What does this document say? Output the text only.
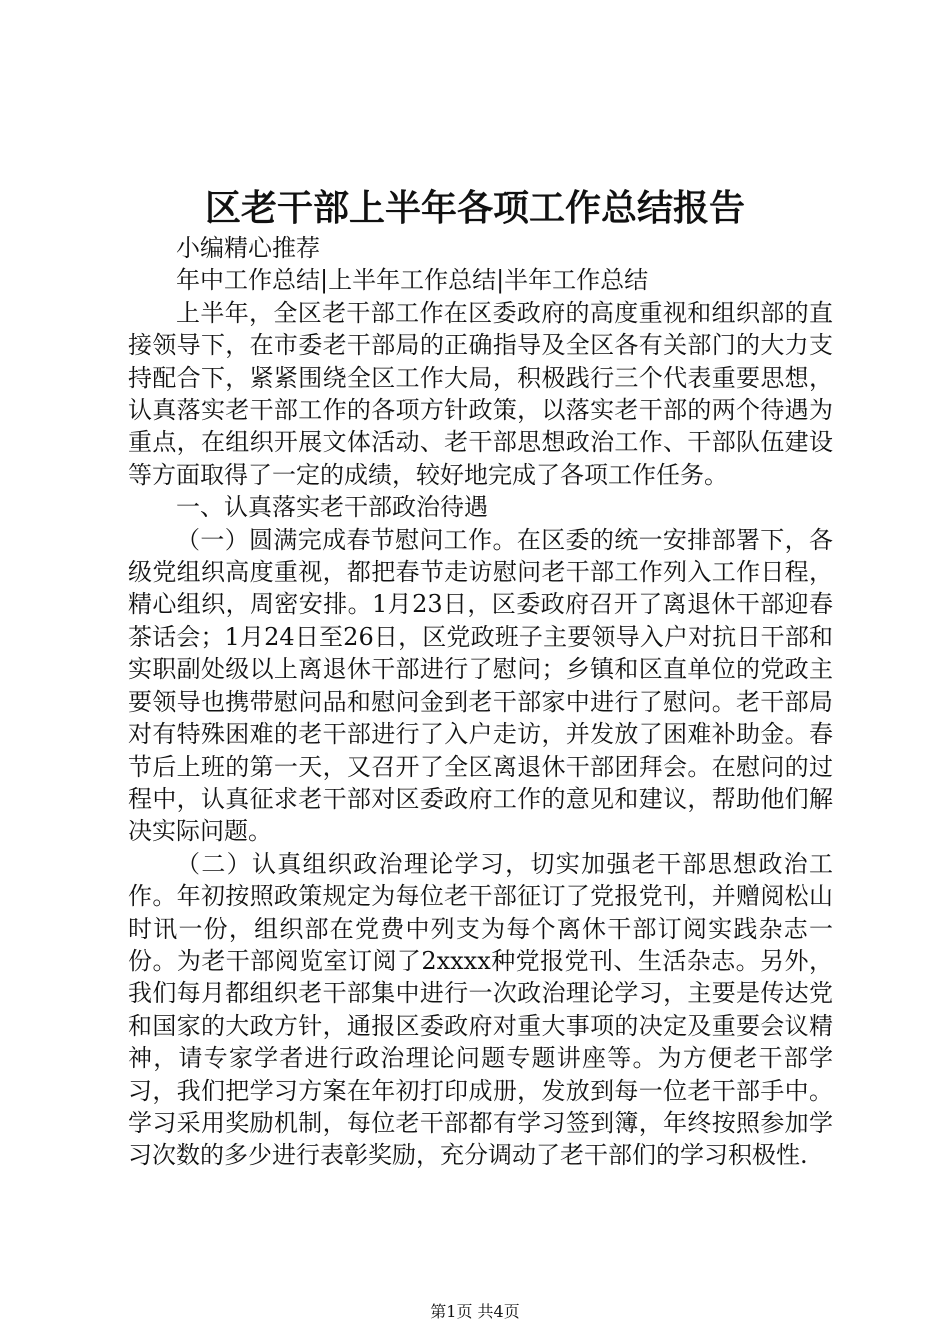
区老干部上半年各项工作总结报告

小编精心推荐

年中工作总结|上半年工作总结|半年工作总结

上半年，全区老干部工作在区委政府的高度重视和组织部的直接领导下，在市委老干部局的正确指导及全区各有关部门的大力支持配合下，紧紧围绕全区工作大局，积极践行三个代表重要思想，认真落实老干部工作的各项方针政策，以落实老干部的两个待遇为重点，在组织开展文体活动、老干部思想政治工作、干部队伍建设等方面取得了一定的成绩，较好地完成了各项工作任务。

一、认真落实老干部政治待遇

（一）圆满完成春节慰问工作。在区委的统一安排部署下，各级党组织高度重视，都把春节走访慰问老干部工作列入工作日程，精心组织，周密安排。1月23日，区委政府召开了离退休干部迎春茶话会；1月24日至26日，区党政班子主要领导入户对抗日干部和实职副处级以上离退休干部进行了慰问；乡镇和区直单位的党政主要领导也携带慰问品和慰问金到老干部家中进行了慰问。老干部局对有特殊困难的老干部进行了入户走访，并发放了困难补助金。春节后上班的第一天，又召开了全区离退休干部团拜会。在慰问的过程中，认真征求老干部对区委政府工作的意见和建议，帮助他们解决实际问题。

（二）认真组织政治理论学习，切实加强老干部思想政治工作。年初按照政策规定为每位老干部征订了党报党刊，并赠阅松山时讯一份，组织部在党费中列支为每个离休干部订阅实践杂志一份。为老干部阅览室订阅了2xxxx种党报党刊、生活杂志。另外，我们每月都组织老干部集中进行一次政治理论学习，主要是传达党和国家的大政方针，通报区委政府对重大事项的决定及重要会议精神，请专家学者进行政治理论问题专题讲座等。为方便老干部学习，我们把学习方案在年初打印成册，发放到每一位老干部手中。学习采用奖励机制，每位老干部都有学习签到簿，年终按照参加学习次数的多少进行表彰奖励，充分调动了老干部们的学习积极性.

第1页 共4页
